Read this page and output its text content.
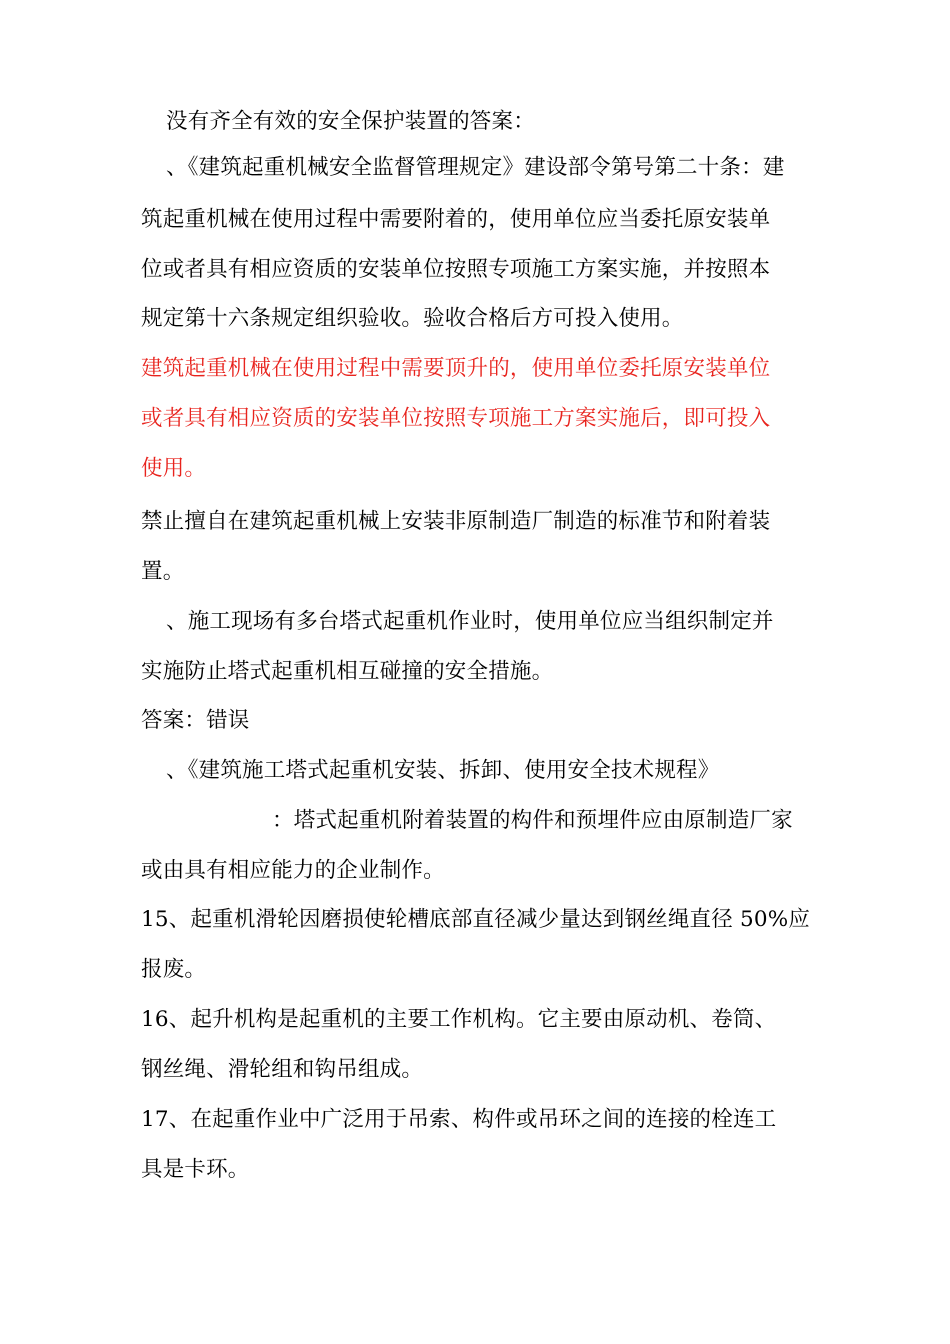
没有齐全有效的安全保护装置的答案：
、《建筑起重机械安全监督管理规定》建设部令第号第二十条：建
筑起重机械在使用过程中需要附着的，使用单位应当委托原安装单
位或者具有相应资质的安装单位按照专项施工方案实施，并按照本
规定第十六条规定组织验收。验收合格后方可投入使用。
建筑起重机械在使用过程中需要顶升的，使用单位委托原安装单位
或者具有相应资质的安装单位按照专项施工方案实施后，即可投入
使用。
禁止擅自在建筑起重机械上安装非原制造厂制造的标准节和附着装
置。
、施工现场有多台塔式起重机作业时，使用单位应当组织制定并
实施防止塔式起重机相互碰撞的安全措施。
答案：错误
、《建筑施工塔式起重机安装、拆卸、使用安全技术规程》
：塔式起重机附着装置的构件和预埋件应由原制造厂家
或由具有相应能力的企业制作。
15、起重机滑轮因磨损使轮槽底部直径减少量达到钢丝绳直径 50%应
报废。
16、起升机构是起重机的主要工作机构。它主要由原动机、卷筒、
钢丝绳、滑轮组和钩吊组成。
17、在起重作业中广泛用于吊索、构件或吊环之间的连接的栓连工
具是卡环。
